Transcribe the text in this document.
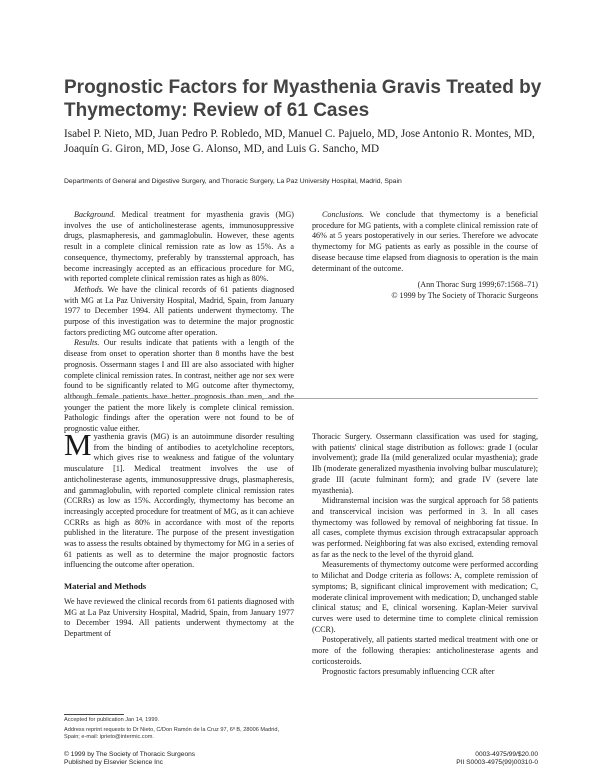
Prognostic Factors for Myasthenia Gravis Treated by Thymectomy: Review of 61 Cases
Isabel P. Nieto, MD, Juan Pedro P. Robledo, MD, Manuel C. Pajuelo, MD, Jose Antonio R. Montes, MD, Joaquín G. Giron, MD, Jose G. Alonso, MD, and Luis G. Sancho, MD
Departments of General and Digestive Surgery, and Thoracic Surgery, La Paz University Hospital, Madrid, Spain

Background. Medical treatment for myasthenia gravis (MG) involves the use of anticholinesterase agents, immunosuppressive drugs, plasmapheresis, and gammaglobulin. However, these agents result in a complete clinical remission rate as low as 15%. As a consequence, thymectomy, preferably by transsternal approach, has become increasingly accepted as an efficacious procedure for MG, with reported complete clinical remission rates as high as 80%.

Methods. We have the clinical records of 61 patients diagnosed with MG at La Paz University Hospital, Madrid, Spain, from January 1977 to December 1994. All patients underwent thymectomy. The purpose of this investigation was to determine the major prognostic factors predicting MG outcome after operation.

Results. Our results indicate that patients with a length of the disease from onset to operation shorter than 8 months have the best prognosis. Ossermann stages I and III are also associated with higher complete clinical remission rates. In contrast, neither age nor sex were found to be significantly related to MG outcome after thymectomy, although female patients have better prognosis than men, and the younger the patient the more likely is complete clinical remission. Pathologic findings after the operation were not found to be of prognostic value either.

Conclusions. We conclude that thymectomy is a beneficial procedure for MG patients, with a complete clinical remission rate of 46% at 5 years postoperatively in our series. Therefore we advocate thymectomy for MG patients as early as possible in the course of disease because time elapsed from diagnosis to operation is the main determinant of the outcome.

(Ann Thorac Surg 1999;67:1568–71)

© 1999 by The Society of Thoracic Surgeons

Myasthenia gravis (MG) is an autoimmune disorder resulting from the binding of antibodies to acetylcholine receptors, which gives rise to weakness and fatigue of the voluntary musculature [1]. Medical treatment involves the use of anticholinesterase agents, immunosuppressive drugs, plasmapheresis, and gammaglobulin, with reported complete clinical remission rates (CCRRs) as low as 15%. Accordingly, thymectomy has become an increasingly accepted procedure for treatment of MG, as it can achieve CCRRs as high as 80% in accordance with most of the reports published in the literature. The purpose of the present investigation was to assess the results obtained by thymectomy for MG in a series of 61 patients as well as to determine the major prognostic factors influencing the outcome after operation.

Material and Methods

We have reviewed the clinical records from 61 patients diagnosed with MG at La Paz University Hospital, Madrid, Spain, from January 1977 to December 1994. All patients underwent thymectomy at the Department of

Thoracic Surgery. Ossermann classification was used for staging, with patients' clinical stage distribution as follows: grade I (ocular involvement); grade IIa (mild generalized ocular myasthenia); grade IIb (moderate generalized myasthenia involving bulbar musculature); grade III (acute fulminant form); and grade IV (severe late myasthenia).

Midtransternal incision was the surgical approach for 58 patients and transcervical incision was performed in 3. In all cases thymectomy was followed by removal of neighboring fat tissue. In all cases, complete thymus excision through extracapsular approach was performed. Neighboring fat was also excised, extending removal as far as the neck to the level of the thyroid gland.

Measurements of thymectomy outcome were performed according to Milichat and Dodge criteria as follows: A, complete remission of symptoms; B, significant clinical improvement with medication; C, moderate clinical improvement with medication; D, unchanged stable clinical status; and E, clinical worsening. Kaplan-Meier survival curves were used to determine time to complete clinical remission (CCR).

Postoperatively, all patients started medical treatment with one or more of the following therapies: anticholinesterase agents and corticosteroids.

Prognostic factors presumably influencing CCR after

Accepted for publication Jan 14, 1999.

Address reprint requests to Dr Nieto, C/Don Ramón de la Cruz 97, 6º B, 28006 Madrid, Spain; e-mail: iprieto@intermic.com.

© 1999 by The Society of Thoracic Surgeons
Published by Elsevier Science Inc
0003-4975/99/$20.00
PII S0003-4975(99)00310-0
